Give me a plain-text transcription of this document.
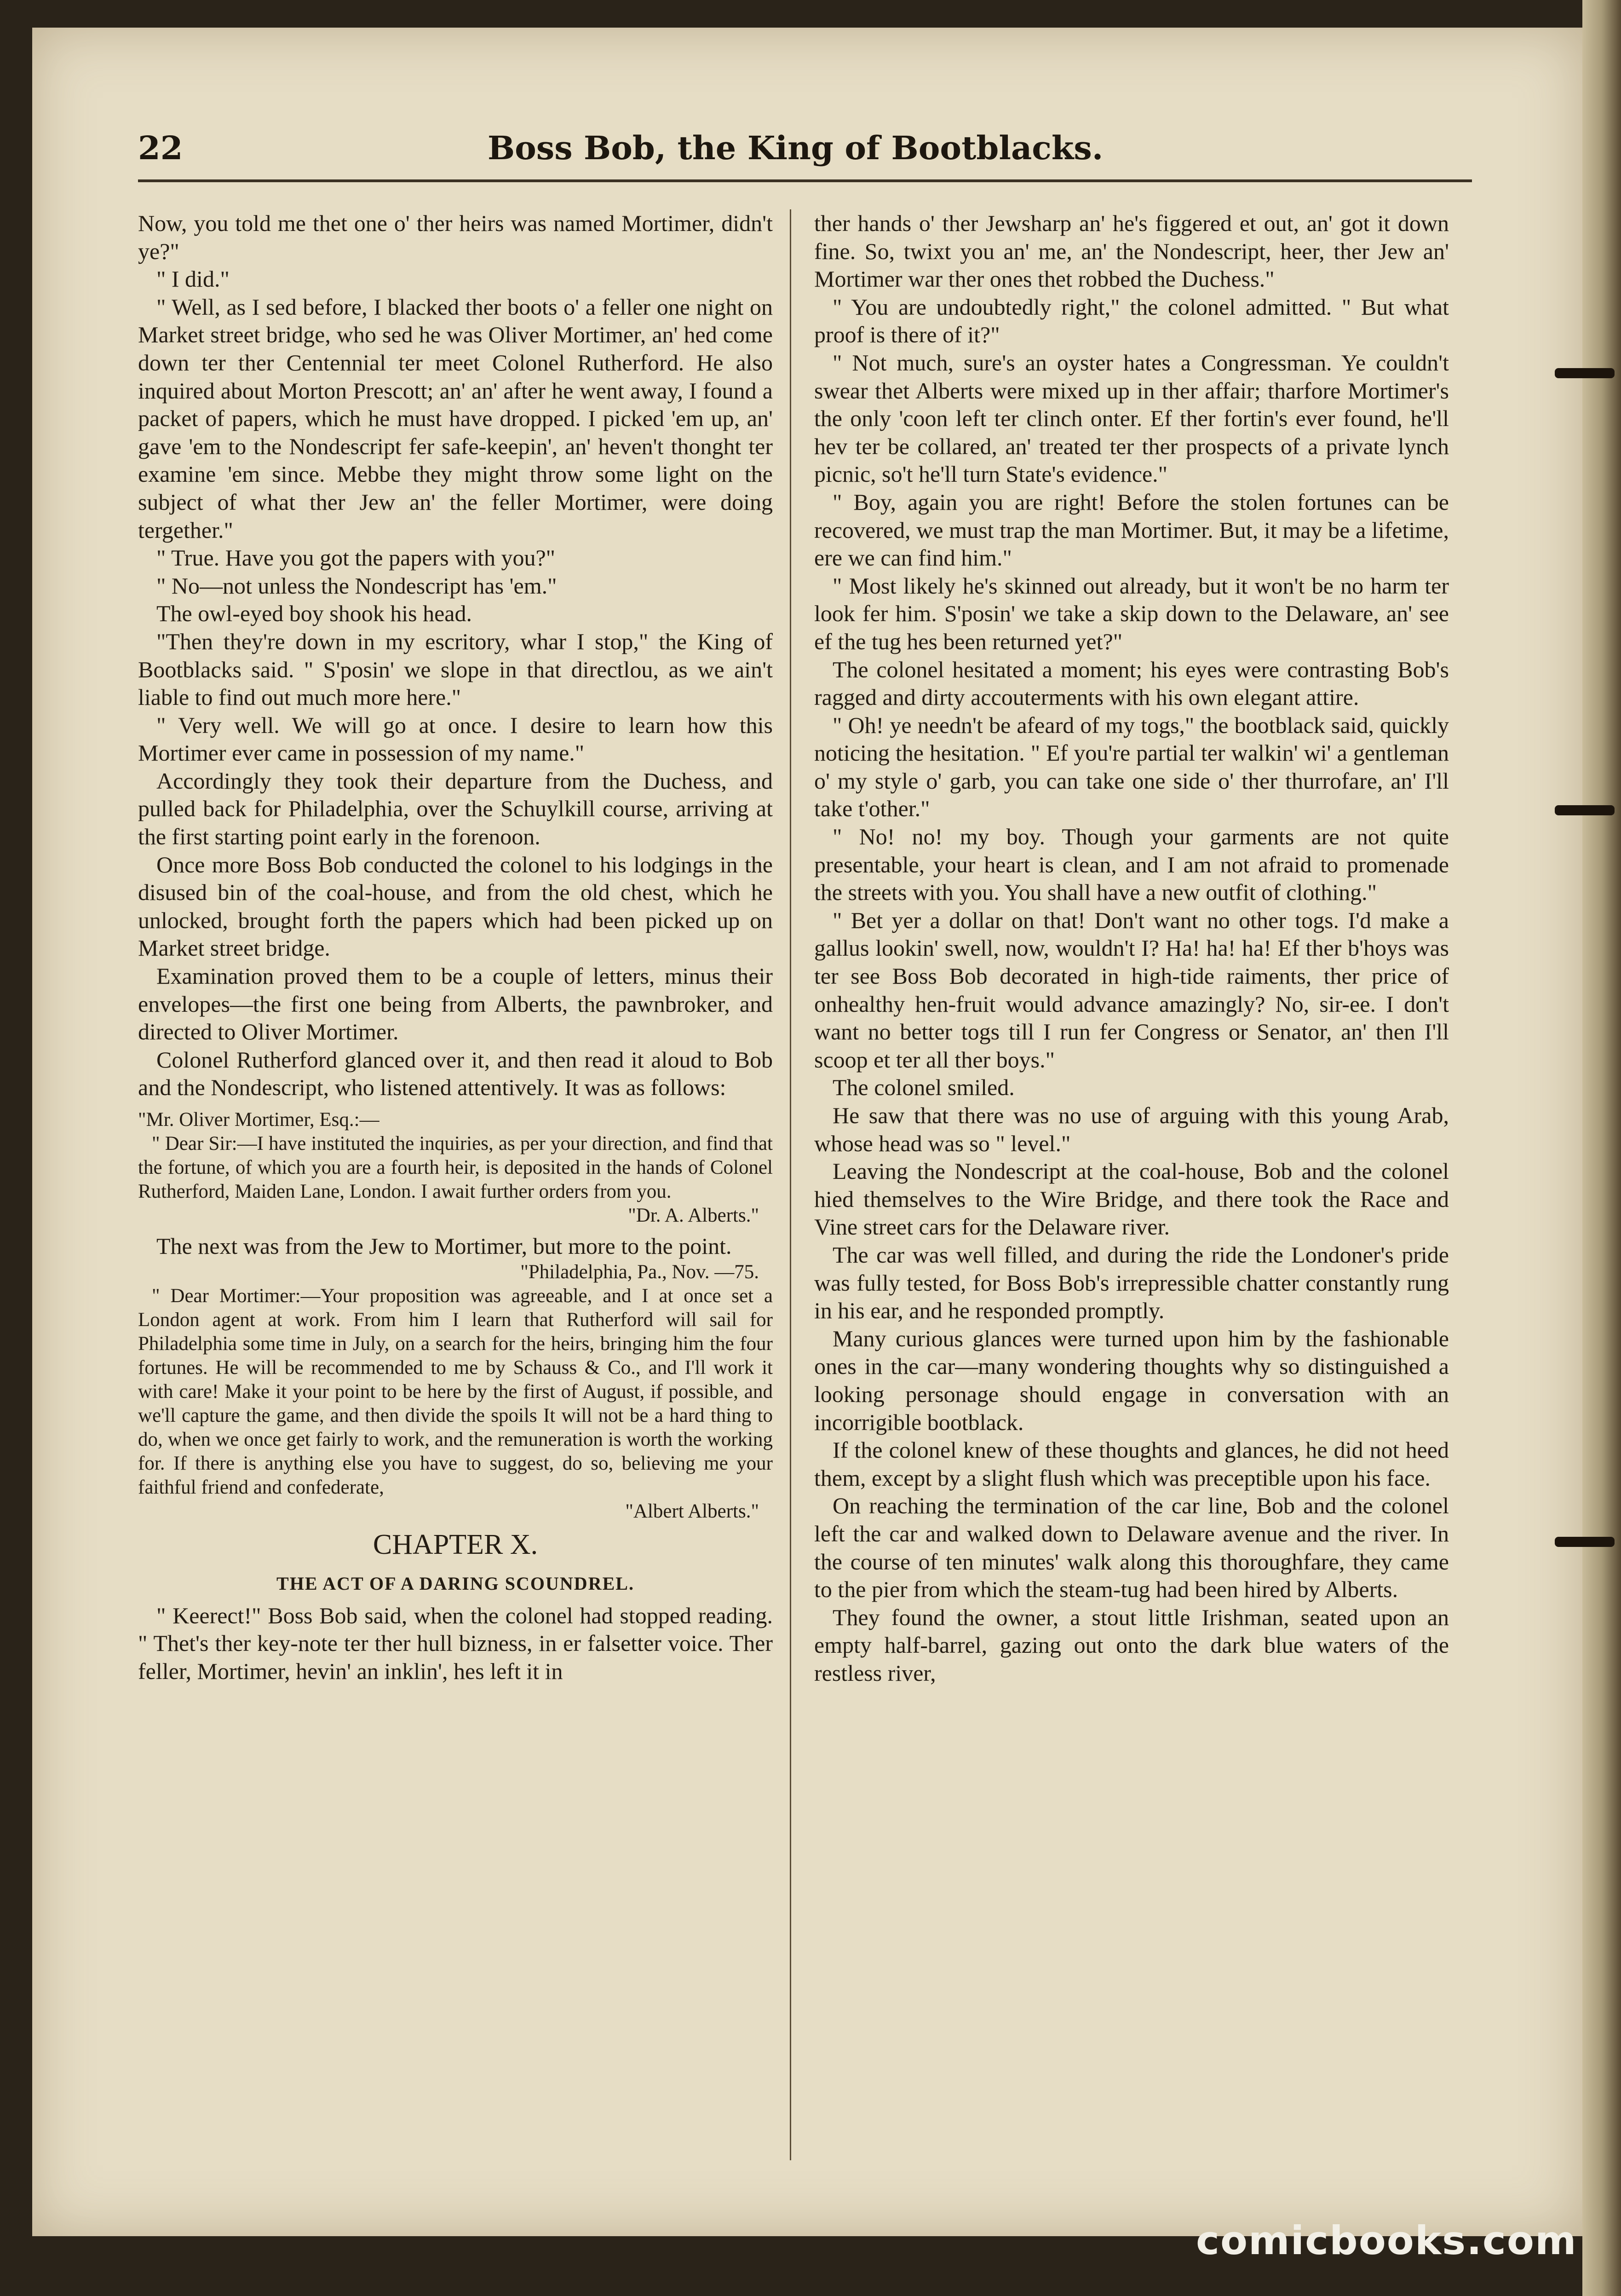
22	Boss Bob, the King of Bootblacks.

Now, you told me thet one o' ther heirs was named Mortimer, didn't ye?"

" I did."

" Well, as I sed before, I blacked ther boots o' a feller one night on Market street bridge, who sed he was Oliver Mortimer, an' hed come down ter ther Centennial ter meet Colonel Rutherford. He also inquired about Morton Prescott; an' an' after he went away, I found a packet of papers, which he must have dropped. I picked 'em up, an' gave 'em to the Nondescript fer safe-keepin', an' heven't thonght ter examine 'em since. Mebbe they might throw some light on the subject of what ther Jew an' the feller Mortimer, were doing tergether."

" True. Have you got the papers with you?"

" No—not unless the Nondescript has 'em."

The owl-eyed boy shook his head.

"Then they're down in my escritory, whar I stop," the King of Bootblacks said. " S'posin' we slope in that directlou, as we ain't liable to find out much more here."

" Very well. We will go at once. I desire to learn how this Mortimer ever came in possession of my name."

Accordingly they took their departure from the Duchess, and pulled back for Philadelphia, over the Schuylkill course, arriving at the first starting point early in the forenoon.

Once more Boss Bob conducted the colonel to his lodgings in the disused bin of the coal-house, and from the old chest, which he unlocked, brought forth the papers which had been picked up on Market street bridge.

Examination proved them to be a couple of letters, minus their envelopes—the first one being from Alberts, the pawnbroker, and directed to Oliver Mortimer.

Colonel Rutherford glanced over it, and then read it aloud to Bob and the Nondescript, who listened attentively. It was as follows:

"Mr. Oliver Mortimer, Esq.:—

" Dear Sir:—I have instituted the inquiries, as per your direction, and find that the fortune, of which you are a fourth heir, is deposited in the hands of Colonel Rutherford, Maiden Lane, London. I await further orders from you.

"Dr. A. Alberts."

The next was from the Jew to Mortimer, but more to the point.

"Philadelphia, Pa., Nov. —75.

" Dear Mortimer:—Your proposition was agreeable, and I at once set a London agent at work. From him I learn that Rutherford will sail for Philadelphia some time in July, on a search for the heirs, bringing him the four fortunes. He will be recommended to me by Schauss & Co., and I'll work it with care! Make it your point to be here by the first of August, if possible, and we'll capture the game, and then divide the spoils It will not be a hard thing to do, when we once get fairly to work, and the remuneration is worth the working for. If there is anything else you have to suggest, do so, believing me your faithful friend and confederate,

"Albert Alberts."

CHAPTER X.

THE ACT OF A DARING SCOUNDREL.

" Keerect!" Boss Bob said, when the colonel had stopped reading. " Thet's ther key-note ter ther hull bizness, in er falsetter voice. Ther feller, Mortimer, hevin' an inklin', hes left it in

ther hands o' ther Jewsharp an' he's figgered et out, an' got it down fine. So, twixt you an' me, an' the Nondescript, heer, ther Jew an' Mortimer war ther ones thet robbed the Duchess."

" You are undoubtedly right," the colonel admitted. " But what proof is there of it?"

" Not much, sure's an oyster hates a Congressman. Ye couldn't swear thet Alberts were mixed up in ther affair; tharfore Mortimer's the only 'coon left ter clinch onter. Ef ther fortin's ever found, he'll hev ter be collared, an' treated ter ther prospects of a private lynch picnic, so't he'll turn State's evidence."

" Boy, again you are right! Before the stolen fortunes can be recovered, we must trap the man Mortimer. But, it may be a lifetime, ere we can find him."

" Most likely he's skinned out already, but it won't be no harm ter look fer him. S'posin' we take a skip down to the Delaware, an' see ef the tug hes been returned yet?"

The colonel hesitated a moment; his eyes were contrasting Bob's ragged and dirty accouterments with his own elegant attire.

" Oh! ye needn't be afeard of my togs," the bootblack said, quickly noticing the hesitation. " Ef you're partial ter walkin' wi' a gentleman o' my style o' garb, you can take one side o' ther thurrofare, an' I'll take t'other."

" No! no! my boy. Though your garments are not quite presentable, your heart is clean, and I am not afraid to promenade the streets with you. You shall have a new outfit of clothing."

" Bet yer a dollar on that! Don't want no other togs. I'd make a gallus lookin' swell, now, wouldn't I? Ha! ha! ha! Ef ther b'hoys was ter see Boss Bob decorated in high-tide raiments, ther price of onhealthy hen-fruit would advance amazingly? No, sir-ee. I don't want no better togs till I run fer Congress or Senator, an' then I'll scoop et ter all ther boys."

The colonel smiled.

He saw that there was no use of arguing with this young Arab, whose head was so " level."

Leaving the Nondescript at the coal-house, Bob and the colonel hied themselves to the Wire Bridge, and there took the Race and Vine street cars for the Delaware river.

The car was well filled, and during the ride the Londoner's pride was fully tested, for Boss Bob's irrepressible chatter constantly rung in his ear, and he responded promptly.

Many curious glances were turned upon him by the fashionable ones in the car—many wondering thoughts why so distinguished a looking personage should engage in conversation with an incorrigible bootblack.

If the colonel knew of these thoughts and glances, he did not heed them, except by a slight flush which was preceptible upon his face.

On reaching the termination of the car line, Bob and the colonel left the car and walked down to Delaware avenue and the river. In the course of ten minutes' walk along this thoroughfare, they came to the pier from which the steam-tug had been hired by Alberts.

They found the owner, a stout little Irishman, seated upon an empty half-barrel, gazing out onto the dark blue waters of the restless river,

comicbooks.com
